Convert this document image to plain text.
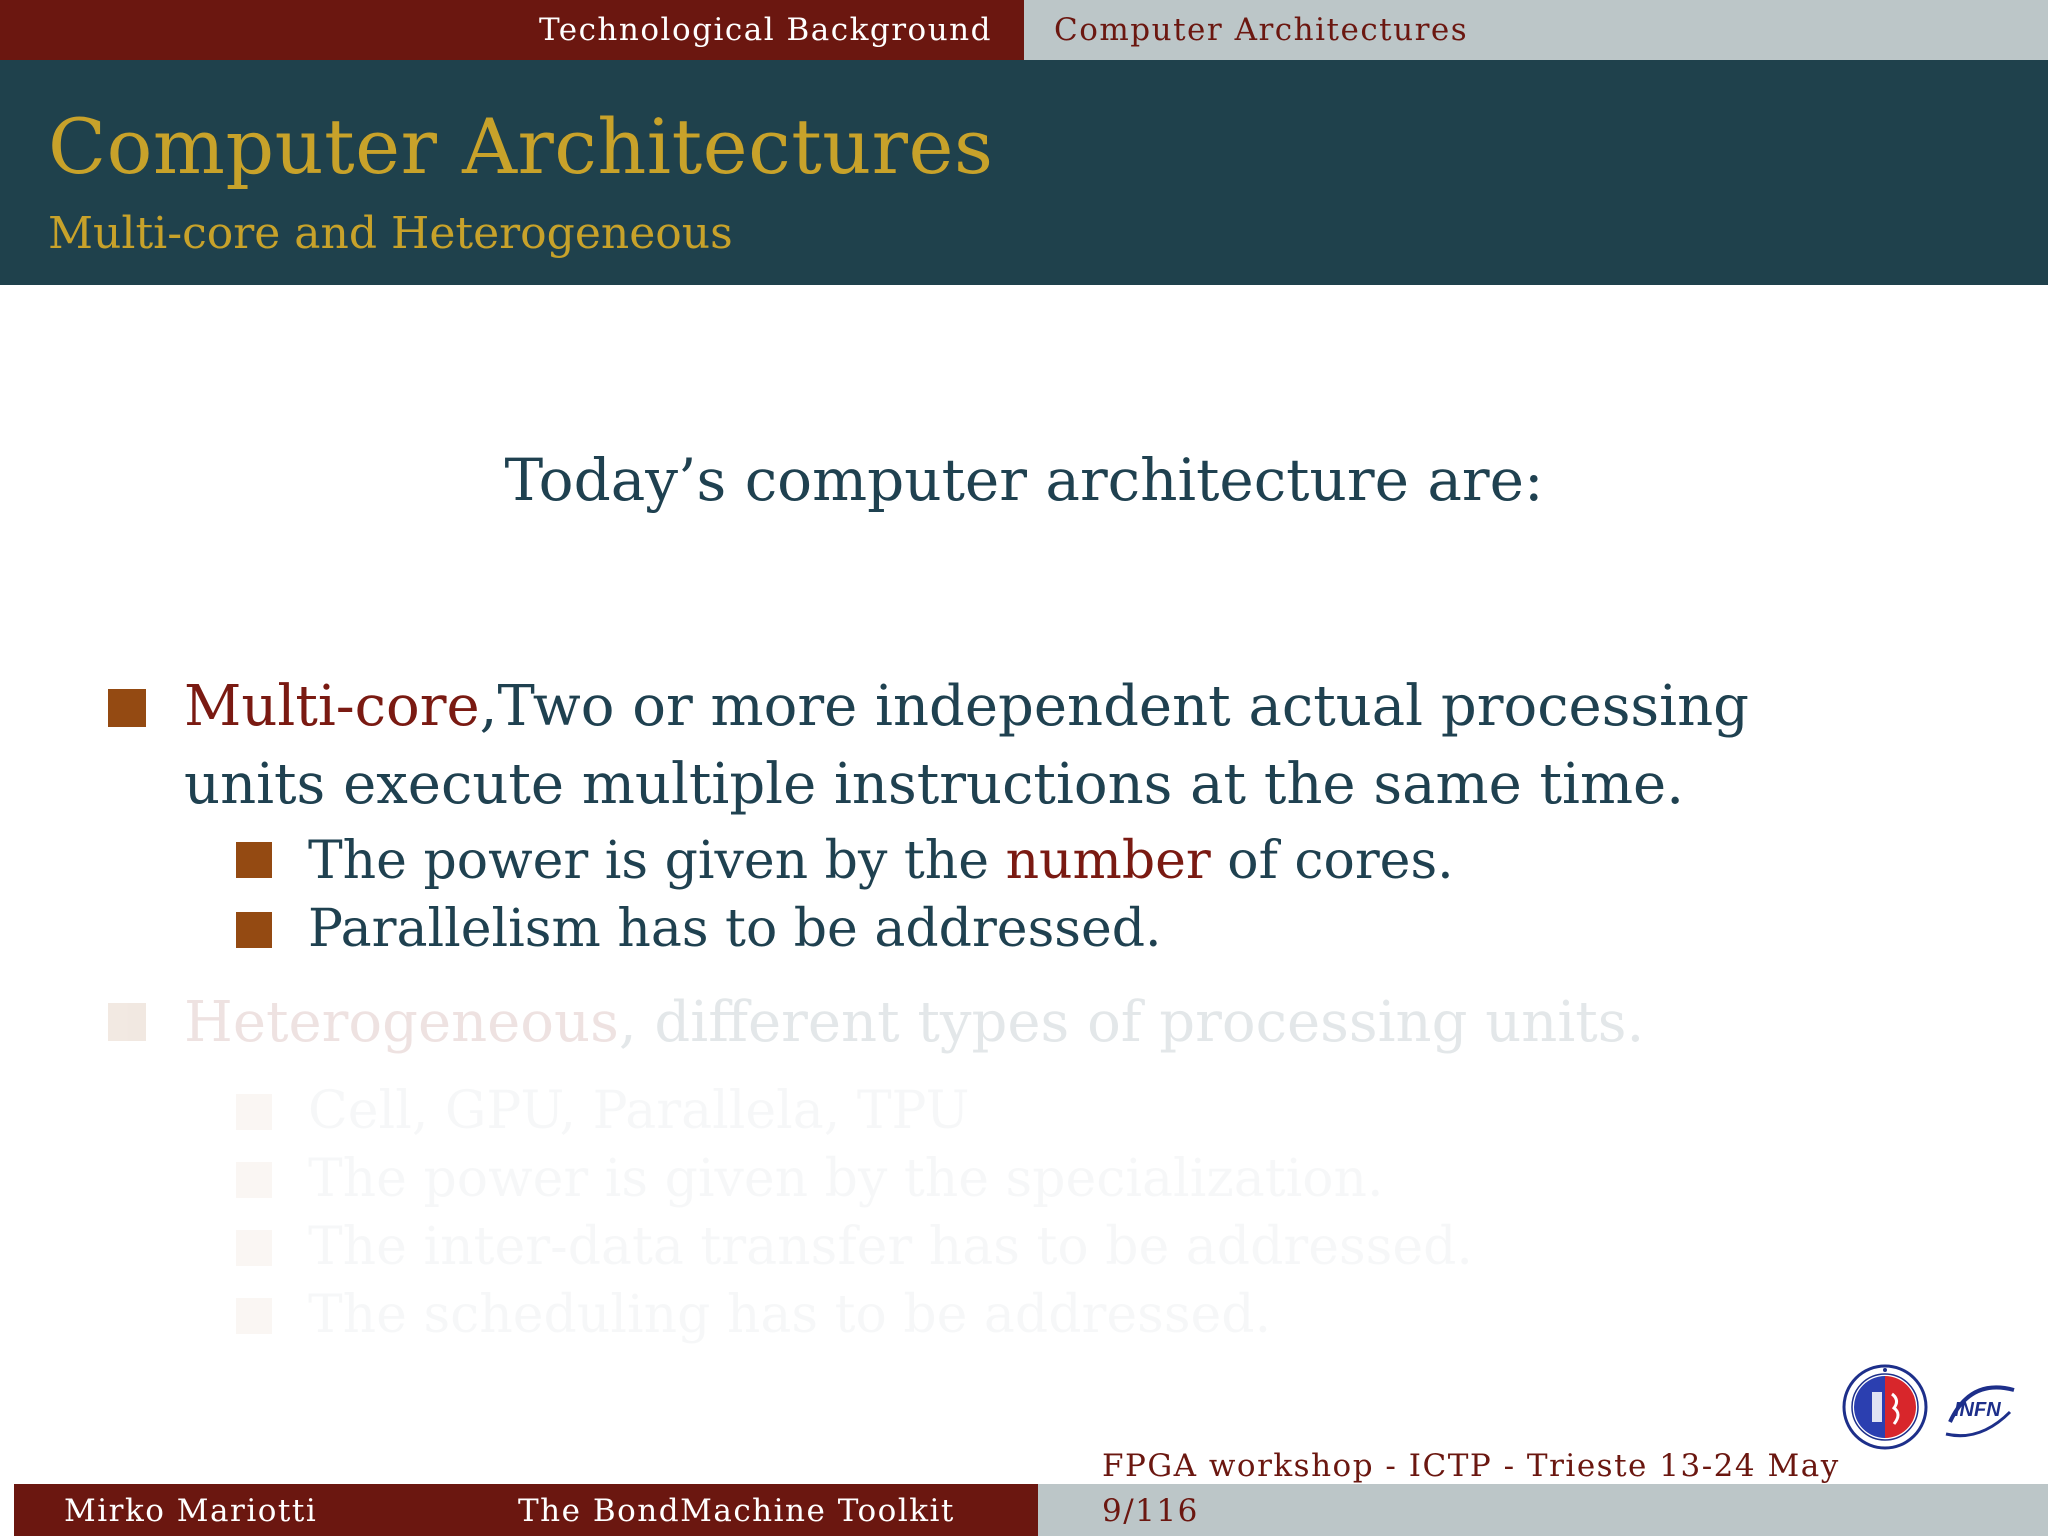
Technological Background Computer Architectures
Computer Architectures
Multi-core and Heterogeneous
Today’s computer architecture are:
Multi-core,Two or more independent actual processing units execute multiple instructions at the same time.
The power is given by the number of cores.
Parallelism has to be addressed.
Heterogeneous, different types of processing units.
INFN
Mirko Mariotti	The BondMachine Toolkit
FPGA workshop - ICTP - Trieste 13-24 May
9/116
